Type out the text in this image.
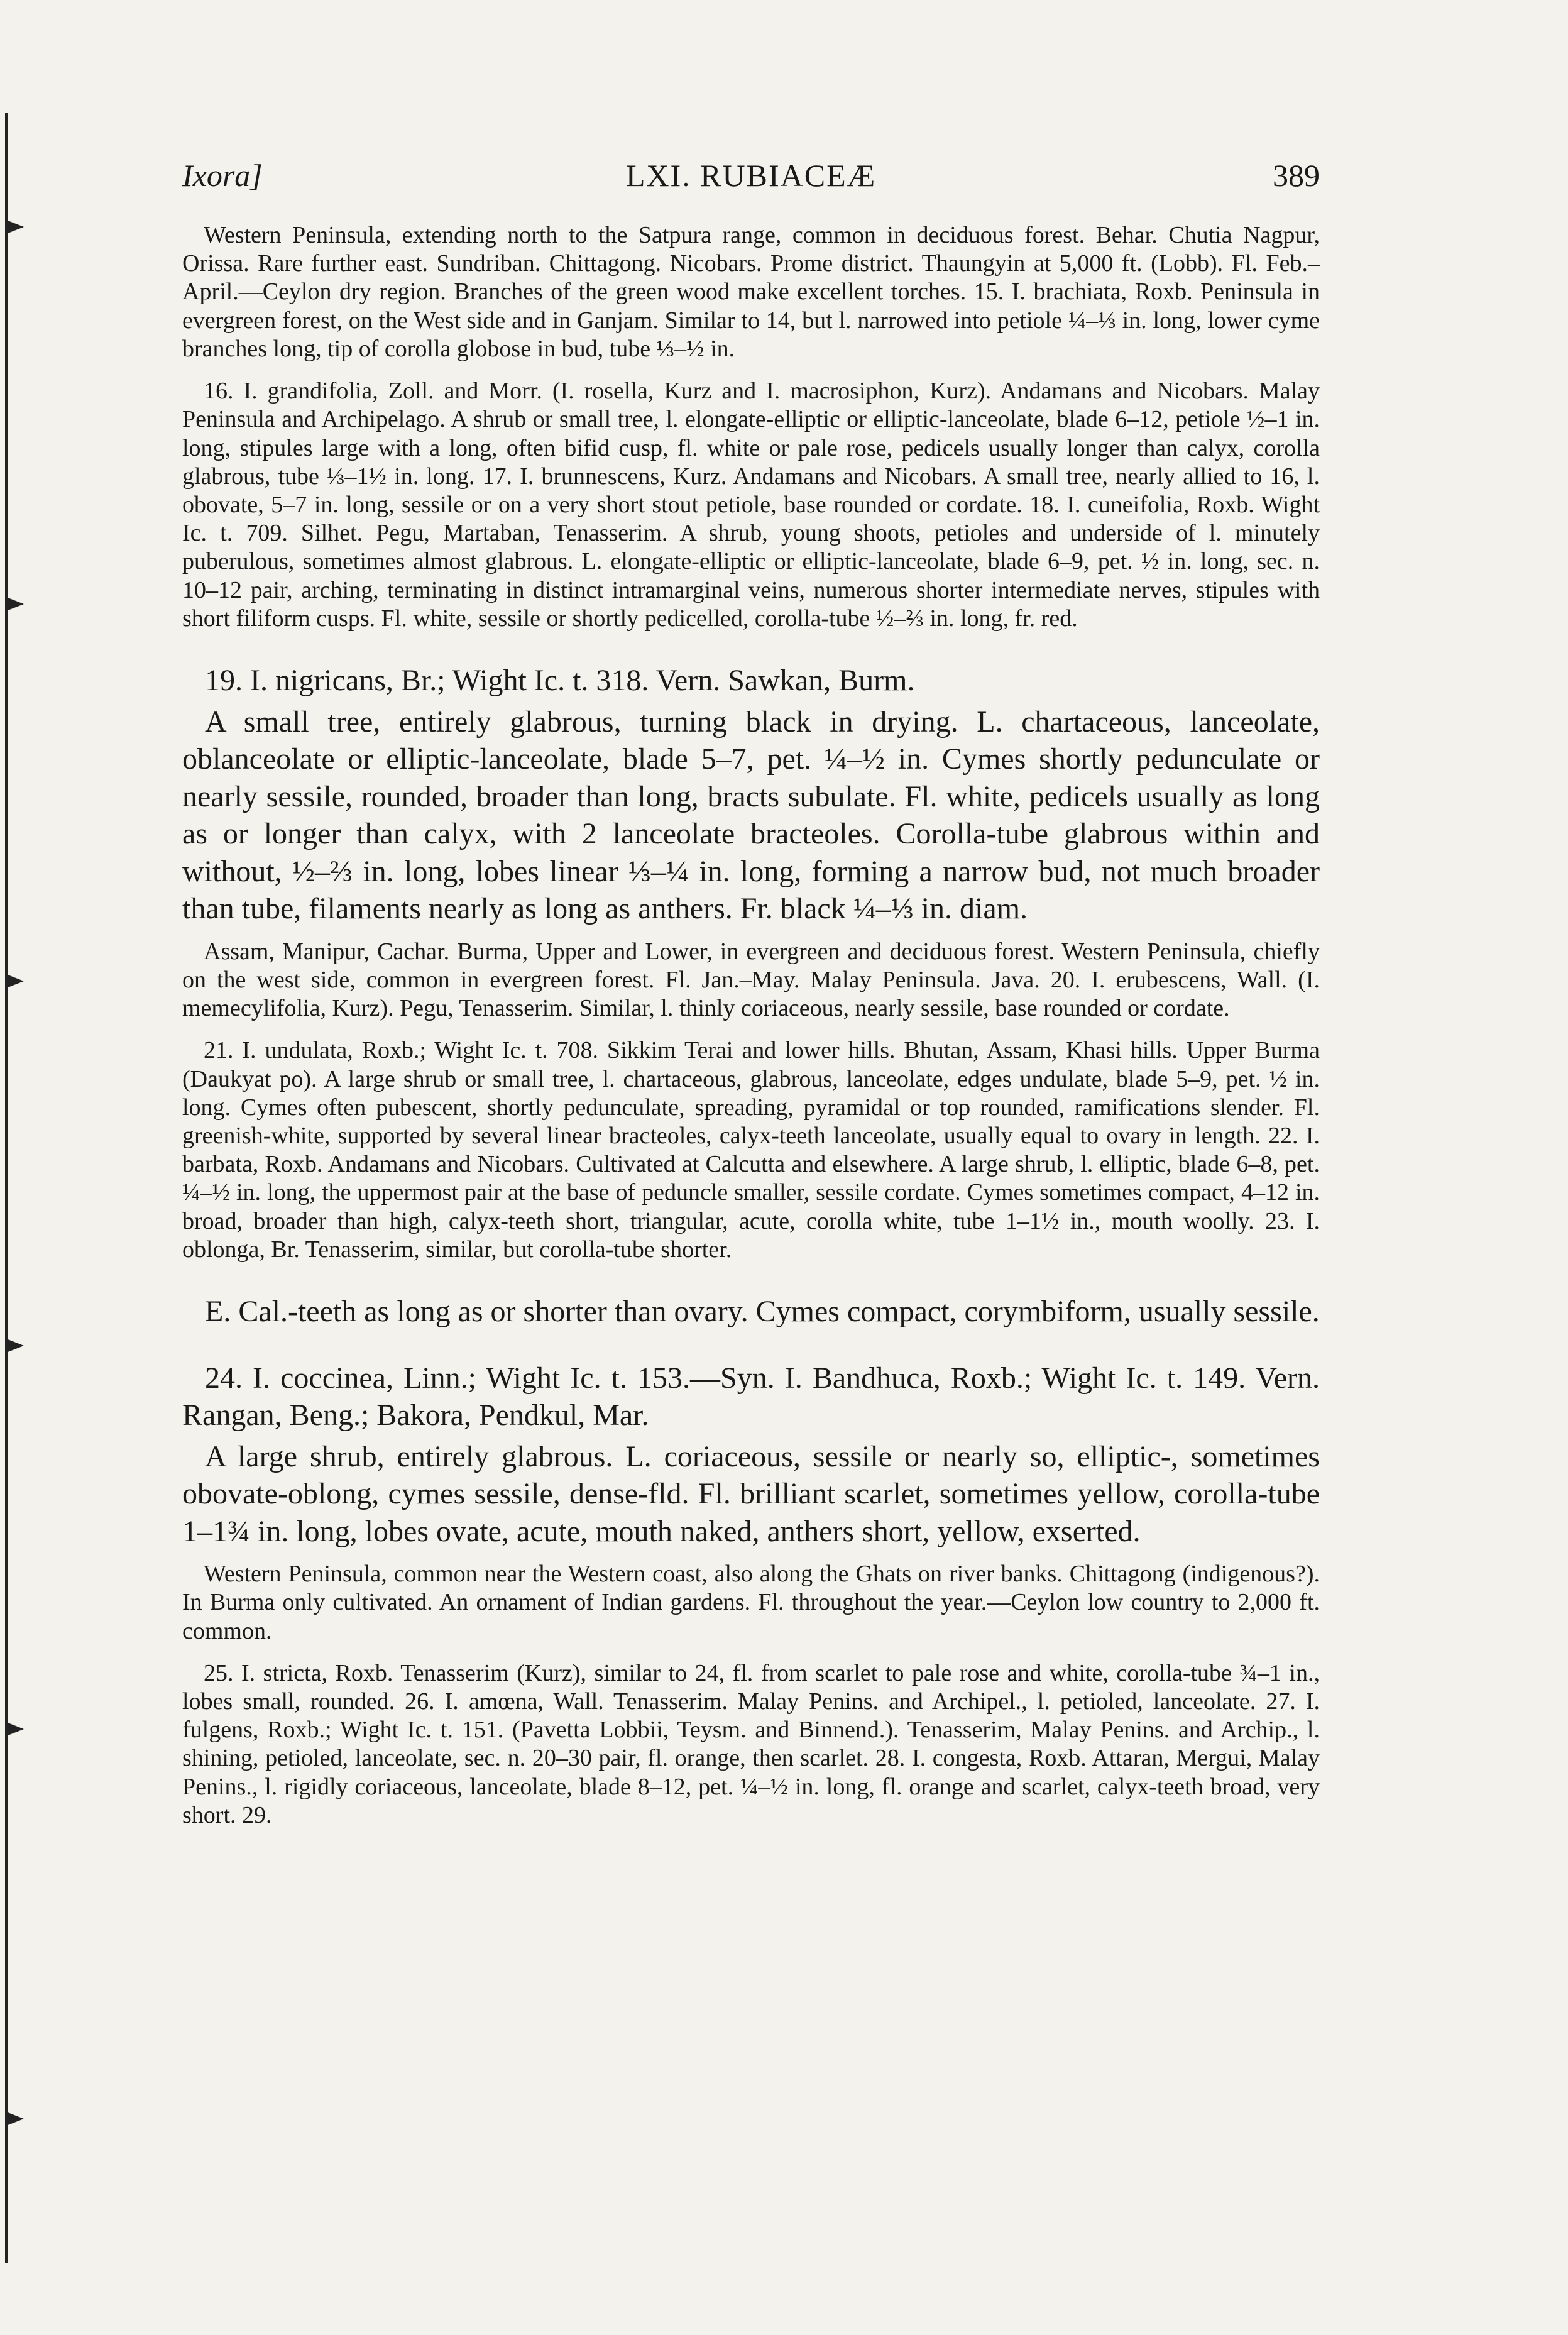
Ixora]	LXI. RUBIACEÆ	389

Western Peninsula, extending north to the Satpura range, common in deciduous forest. Behar. Chutia Nagpur, Orissa. Rare further east. Sundriban. Chittagong. Nicobars. Prome district. Thaungyin at 5,000 ft. (Lobb). Fl. Feb.–April.—Ceylon dry region. Branches of the green wood make excellent torches. 15. I. brachiata, Roxb. Peninsula in evergreen forest, on the West side and in Ganjam. Similar to 14, but l. narrowed into petiole ¼–⅓ in. long, lower cyme branches long, tip of corolla globose in bud, tube ⅓–½ in.

16. I. grandifolia, Zoll. and Morr. (I. rosella, Kurz and I. macrosiphon, Kurz). Andamans and Nicobars. Malay Peninsula and Archipelago. A shrub or small tree, l. elongate-elliptic or elliptic-lanceolate, blade 6–12, petiole ½–1 in. long, stipules large with a long, often bifid cusp, fl. white or pale rose, pedicels usually longer than calyx, corolla glabrous, tube ⅓–1½ in. long. 17. I. brunnescens, Kurz. Andamans and Nicobars. A small tree, nearly allied to 16, l. obovate, 5–7 in. long, sessile or on a very short stout petiole, base rounded or cordate. 18. I. cuneifolia, Roxb. Wight Ic. t. 709. Silhet. Pegu, Martaban, Tenasserim. A shrub, young shoots, petioles and underside of l. minutely puberulous, sometimes almost glabrous. L. elongate-elliptic or elliptic-lanceolate, blade 6–9, pet. ½ in. long, sec. n. 10–12 pair, arching, terminating in distinct intramarginal veins, numerous shorter intermediate nerves, stipules with short filiform cusps. Fl. white, sessile or shortly pedicelled, corolla-tube ½–⅔ in. long, fr. red.

19. I. nigricans, Br.; Wight Ic. t. 318. Vern. Sawkan, Burm.

A small tree, entirely glabrous, turning black in drying. L. chartaceous, lanceolate, oblanceolate or elliptic-lanceolate, blade 5–7, pet. ¼–½ in. Cymes shortly pedunculate or nearly sessile, rounded, broader than long, bracts subulate. Fl. white, pedicels usually as long as or longer than calyx, with 2 lanceolate bracteoles. Corolla-tube glabrous within and without, ½–⅔ in. long, lobes linear ⅓–¼ in. long, forming a narrow bud, not much broader than tube, filaments nearly as long as anthers. Fr. black ¼–⅓ in. diam.

Assam, Manipur, Cachar. Burma, Upper and Lower, in evergreen and deciduous forest. Western Peninsula, chiefly on the west side, common in evergreen forest. Fl. Jan.–May. Malay Peninsula. Java. 20. I. erubescens, Wall. (I. memecylifolia, Kurz). Pegu, Tenasserim. Similar, l. thinly coriaceous, nearly sessile, base rounded or cordate.

21. I. undulata, Roxb.; Wight Ic. t. 708. Sikkim Terai and lower hills. Bhutan, Assam, Khasi hills. Upper Burma (Daukyat po). A large shrub or small tree, l. chartaceous, glabrous, lanceolate, edges undulate, blade 5–9, pet. ½ in. long. Cymes often pubescent, shortly pedunculate, spreading, pyramidal or top rounded, ramifications slender. Fl. greenish-white, supported by several linear bracteoles, calyx-teeth lanceolate, usually equal to ovary in length. 22. I. barbata, Roxb. Andamans and Nicobars. Cultivated at Calcutta and elsewhere. A large shrub, l. elliptic, blade 6–8, pet. ¼–½ in. long, the uppermost pair at the base of peduncle smaller, sessile cordate. Cymes sometimes compact, 4–12 in. broad, broader than high, calyx-teeth short, triangular, acute, corolla white, tube 1–1½ in., mouth woolly. 23. I. oblonga, Br. Tenasserim, similar, but corolla-tube shorter.

E. Cal.-teeth as long as or shorter than ovary. Cymes compact, corymbiform, usually sessile.

24. I. coccinea, Linn.; Wight Ic. t. 153.—Syn. I. Bandhuca, Roxb.; Wight Ic. t. 149. Vern. Rangan, Beng.; Bakora, Pendkul, Mar.

A large shrub, entirely glabrous. L. coriaceous, sessile or nearly so, elliptic-, sometimes obovate-oblong, cymes sessile, dense-fld. Fl. brilliant scarlet, sometimes yellow, corolla-tube 1–1¾ in. long, lobes ovate, acute, mouth naked, anthers short, yellow, exserted.

Western Peninsula, common near the Western coast, also along the Ghats on river banks. Chittagong (indigenous?). In Burma only cultivated. An ornament of Indian gardens. Fl. throughout the year.—Ceylon low country to 2,000 ft. common.

25. I. stricta, Roxb. Tenasserim (Kurz), similar to 24, fl. from scarlet to pale rose and white, corolla-tube ¾–1 in., lobes small, rounded. 26. I. amœna, Wall. Tenasserim. Malay Penins. and Archipel., l. petioled, lanceolate. 27. I. fulgens, Roxb.; Wight Ic. t. 151. (Pavetta Lobbii, Teysm. and Binnend.). Tenasserim, Malay Penins. and Archip., l. shining, petioled, lanceolate, sec. n. 20–30 pair, fl. orange, then scarlet. 28. I. congesta, Roxb. Attaran, Mergui, Malay Penins., l. rigidly coriaceous, lanceolate, blade 8–12, pet. ¼–½ in. long, fl. orange and scarlet, calyx-teeth broad, very short. 29.
